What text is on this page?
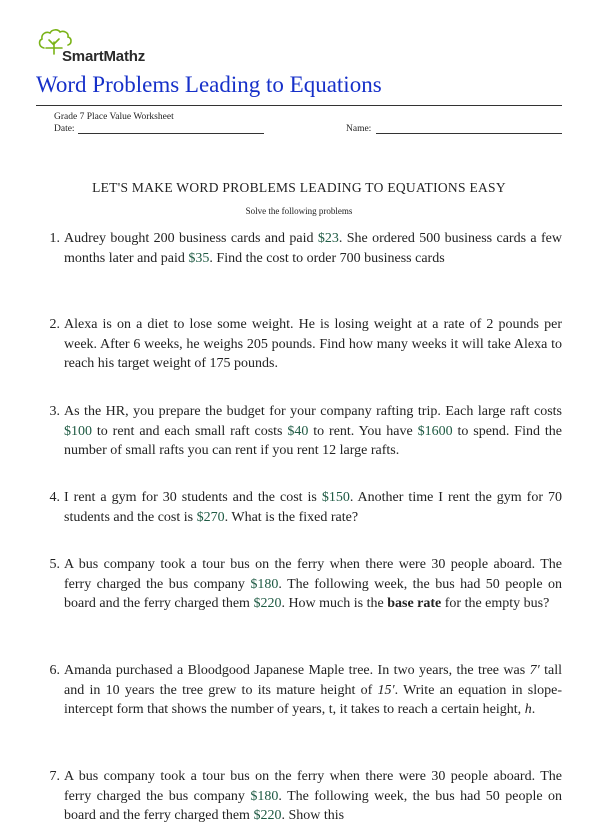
SmartMathz
Word Problems Leading to Equations
Grade 7 Place Value Worksheet
Date:	Name:
LET'S MAKE WORD PROBLEMS LEADING TO EQUATIONS EASY
Solve the following problems
1. Audrey bought 200 business cards and paid $23. She ordered 500 business cards a few months later and paid $35. Find the cost to order 700 business cards
2. Alexa is on a diet to lose some weight. He is losing weight at a rate of 2 pounds per week. After 6 weeks, he weighs 205 pounds. Find how many weeks it will take Alexa to reach his target weight of 175 pounds.
3. As the HR, you prepare the budget for your company rafting trip. Each large raft costs $100 to rent and each small raft costs $40 to rent. You have $1600 to spend. Find the number of small rafts you can rent if you rent 12 large rafts.
4. I rent a gym for 30 students and the cost is $150. Another time I rent the gym for 70 students and the cost is $270. What is the fixed rate?
5. A bus company took a tour bus on the ferry when there were 30 people aboard. The ferry charged the bus company $180. The following week, the bus had 50 people on board and the ferry charged them $220. How much is the base rate for the empty bus?
6. Amanda purchased a Bloodgood Japanese Maple tree. In two years, the tree was 7′ tall and in 10 years the tree grew to its mature height of 15′. Write an equation in slope-intercept form that shows the number of years, t, it takes to reach a certain height, h.
7. A bus company took a tour bus on the ferry when there were 30 people aboard. The ferry charged the bus company $180. The following week, the bus had 50 people on board and the ferry charged them $220. Show this
